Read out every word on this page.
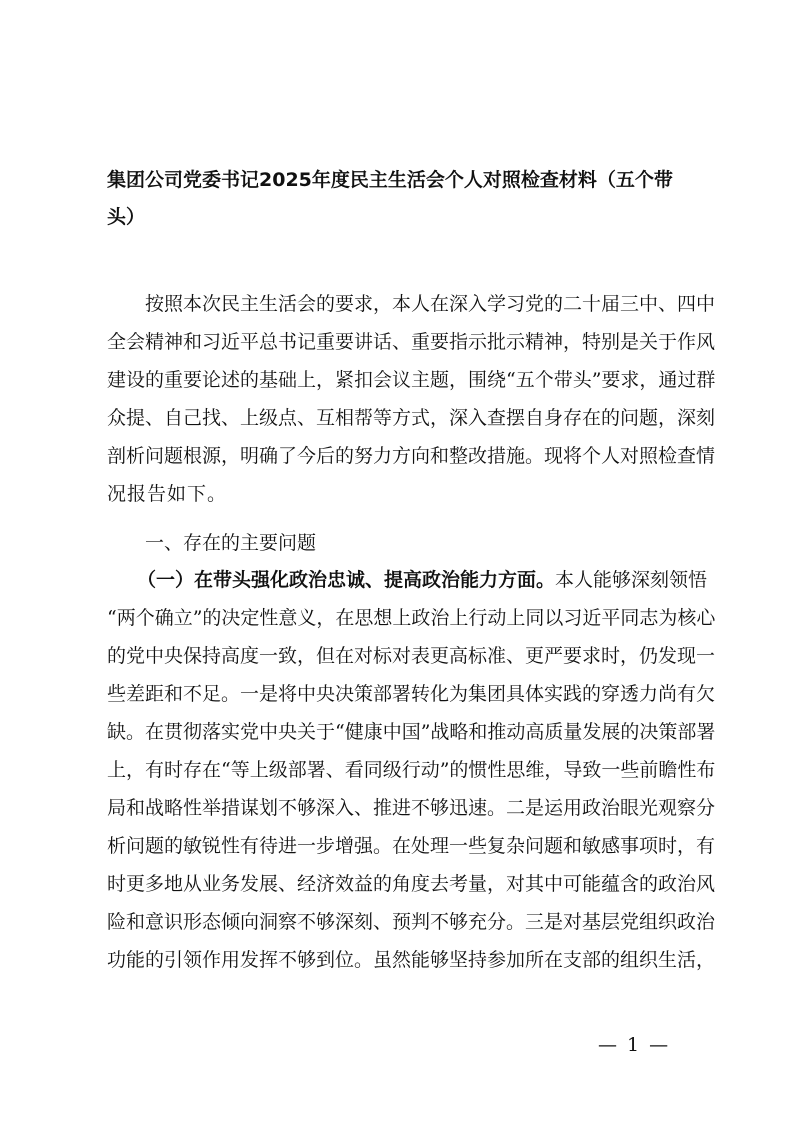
集团公司党委书记2025年度民主生活会个人对照检查材料（五个带
头）
按照本次民主生活会的要求，本人在深入学习党的二十届三中、四中
全会精神和习近平总书记重要讲话、重要指示批示精神，特别是关于作风
建设的重要论述的基础上，紧扣会议主题，围绕“五个带头”要求，通过群
众提、自己找、上级点、互相帮等方式，深入查摆自身存在的问题，深刻
剖析问题根源，明确了今后的努力方向和整改措施。现将个人对照检查情
况报告如下。
一、存在的主要问题
（一）在带头强化政治忠诚、提高政治能力方面。本人能够深刻领悟
“两个确立”的决定性意义，在思想上政治上行动上同以习近平同志为核心
的党中央保持高度一致，但在对标对表更高标准、更严要求时，仍发现一
些差距和不足。一是将中央决策部署转化为集团具体实践的穿透力尚有欠
缺。在贯彻落实党中央关于“健康中国”战略和推动高质量发展的决策部署
上，有时存在“等上级部署、看同级行动”的惯性思维，导致一些前瞻性布
局和战略性举措谋划不够深入、推进不够迅速。二是运用政治眼光观察分
析问题的敏锐性有待进一步增强。在处理一些复杂问题和敏感事项时，有
时更多地从业务发展、经济效益的角度去考量，对其中可能蕴含的政治风
险和意识形态倾向洞察不够深刻、预判不够充分。三是对基层党组织政治
功能的引领作用发挥不够到位。虽然能够坚持参加所在支部的组织生活，
— 1 —
